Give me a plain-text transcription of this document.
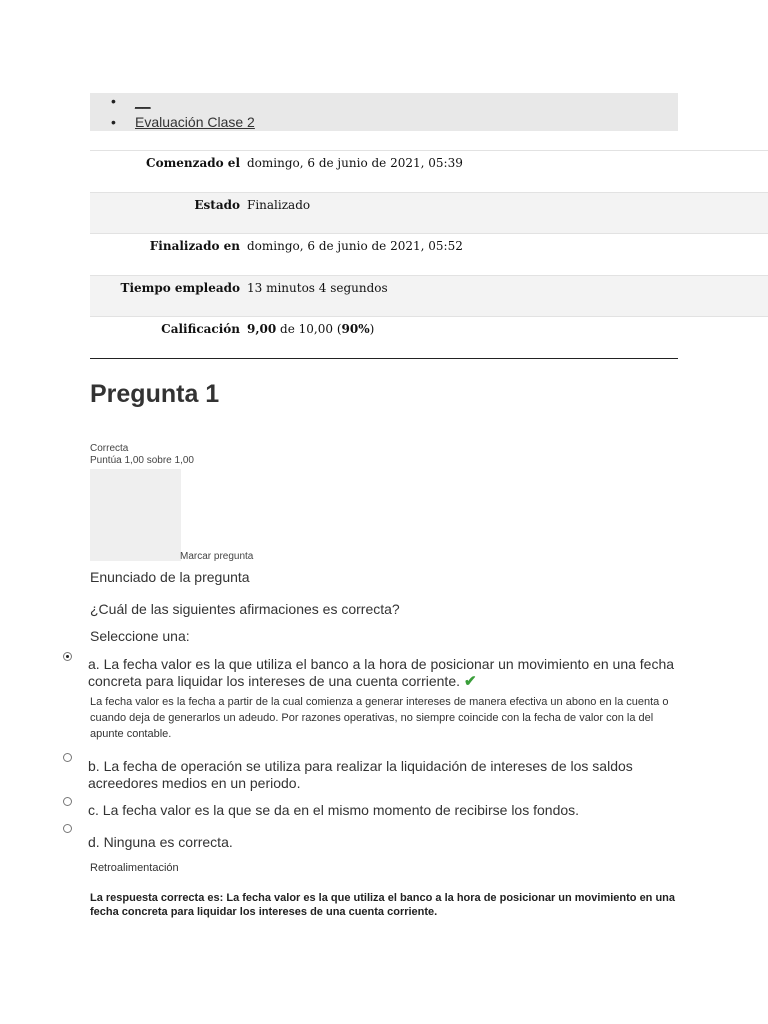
• __
• Evaluación Clase 2
Comenzado el	domingo, 6 de junio de 2021, 05:39
Estado	Finalizado
Finalizado en	domingo, 6 de junio de 2021, 05:52
Tiempo empleado	13 minutos 4 segundos
Calificación	9,00 de 10,00 (90%)
Pregunta 1
Correcta
Puntúa 1,00 sobre 1,00
Marcar pregunta
Enunciado de la pregunta
¿Cuál de las siguientes afirmaciones es correcta?
Seleccione una:
a. La fecha valor es la que utiliza el banco a la hora de posicionar un movimiento en una fecha concreta para liquidar los intereses de una cuenta corriente. ✔
La fecha valor es la fecha a partir de la cual comienza a generar intereses de manera efectiva un abono en la cuenta o cuando deja de generarlos un adeudo. Por razones operativas, no siempre coincide con la fecha de valor con la del apunte contable.
b. La fecha de operación se utiliza para realizar la liquidación de intereses de los saldos acreedores medios en un periodo.
c. La fecha valor es la que se da en el mismo momento de recibirse los fondos.
d. Ninguna es correcta.
Retroalimentación
La respuesta correcta es: La fecha valor es la que utiliza el banco a la hora de posicionar un movimiento en una fecha concreta para liquidar los intereses de una cuenta corriente.
